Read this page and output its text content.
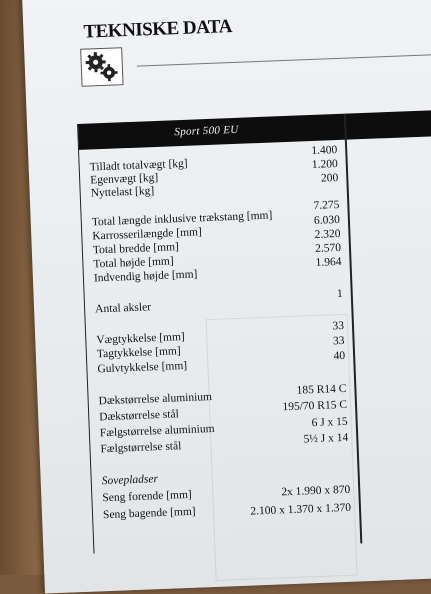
TEKNISKE DATA
Sport 500 EU
Tilladt totalvægt [kg]
1.400
Egenvægt [kg]
1.200
Nyttelast [kg]
200
Total længde inklusive trækstang [mm]
7.275
Karrosserilængde [mm]
6.030
Total bredde [mm]
2.320
Total højde [mm]
2.570
Indvendig højde [mm]
1.964
Antal aksler
1
Vægtykkelse [mm]
33
Tagtykkelse [mm]
33
Gulvtykkelse [mm]
40
Dækstørrelse aluminium
185 R14 C
Dækstørrelse stål
195/70 R15 C
Fælgstørrelse aluminium
6 J x 15
Fælgstørrelse stål
5½ J x 14
Sovepladser
Seng forende [mm]	2x 1.990 x 870
Seng bagende [mm]	2.100 x 1.370 x 1.370
